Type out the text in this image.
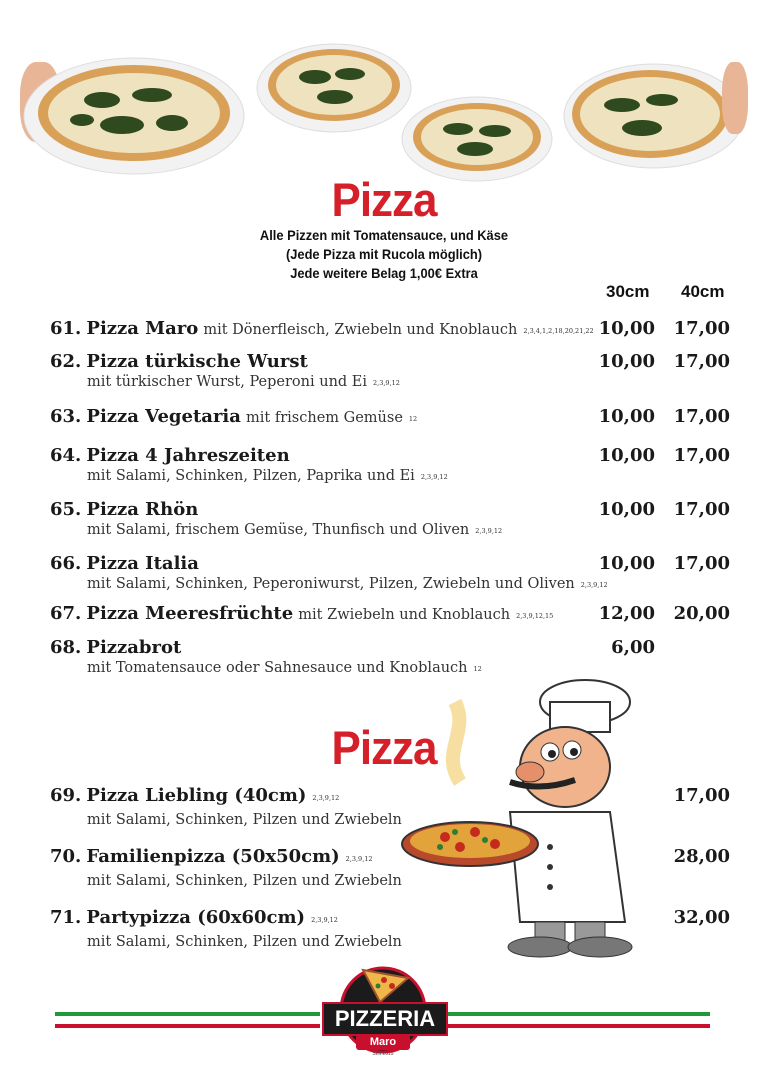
Pizza
Alle Pizzen mit Tomatensauce, und Käse
(Jede Pizza mit Rucola möglich)
Jede weitere Belag 1,00€ Extra
30cm 40cm
61. Pizza Maro mit Dönerfleisch, Zwiebeln und Knoblauch 2,3,4,1,2,18,20,21,22 10,00 17,00
62. Pizza türkische Wurst
mit türkischer Wurst, Peperoni und Ei 2,3,9,12
10,00 17,00
63. Pizza Vegetaria mit frischem Gemüse 12	10,00 17,00
64. Pizza 4 Jahreszeiten
mit Salami, Schinken, Pilzen, Paprika und Ei 2,3,9,12
10,00 17,00
65. Pizza Rhön
mit Salami, frischem Gemüse, Thunfisch und Oliven 2,3,9,12
10,00 17,00
66. Pizza Italia
mit Salami, Schinken, Peperoniwurst, Pilzen, Zwiebeln und Oliven 2,3,9,12
10,00 17,00
67. Pizza Meeresfrüchte mit Zwiebeln und Knoblauch 2,3,9,12,15	12,00 20,00
68. Pizzabrot
mit Tomatensauce oder Sahnesauce und Knoblauch 12
6,00
Pizza
69. Pizza Liebling (40cm) 2,3,9,12
mit Salami, Schinken, Pilzen und Zwiebeln
17,00
70. Familienpizza (50x50cm) 2,3,9,12
mit Salami, Schinken, Pilzen und Zwiebeln
28,00
71. Partypizza (60x60cm) 2,3,9,12
mit Salami, Schinken, Pilzen und Zwiebeln
32,00
PIZZERIA
Maro
Seit 2019
